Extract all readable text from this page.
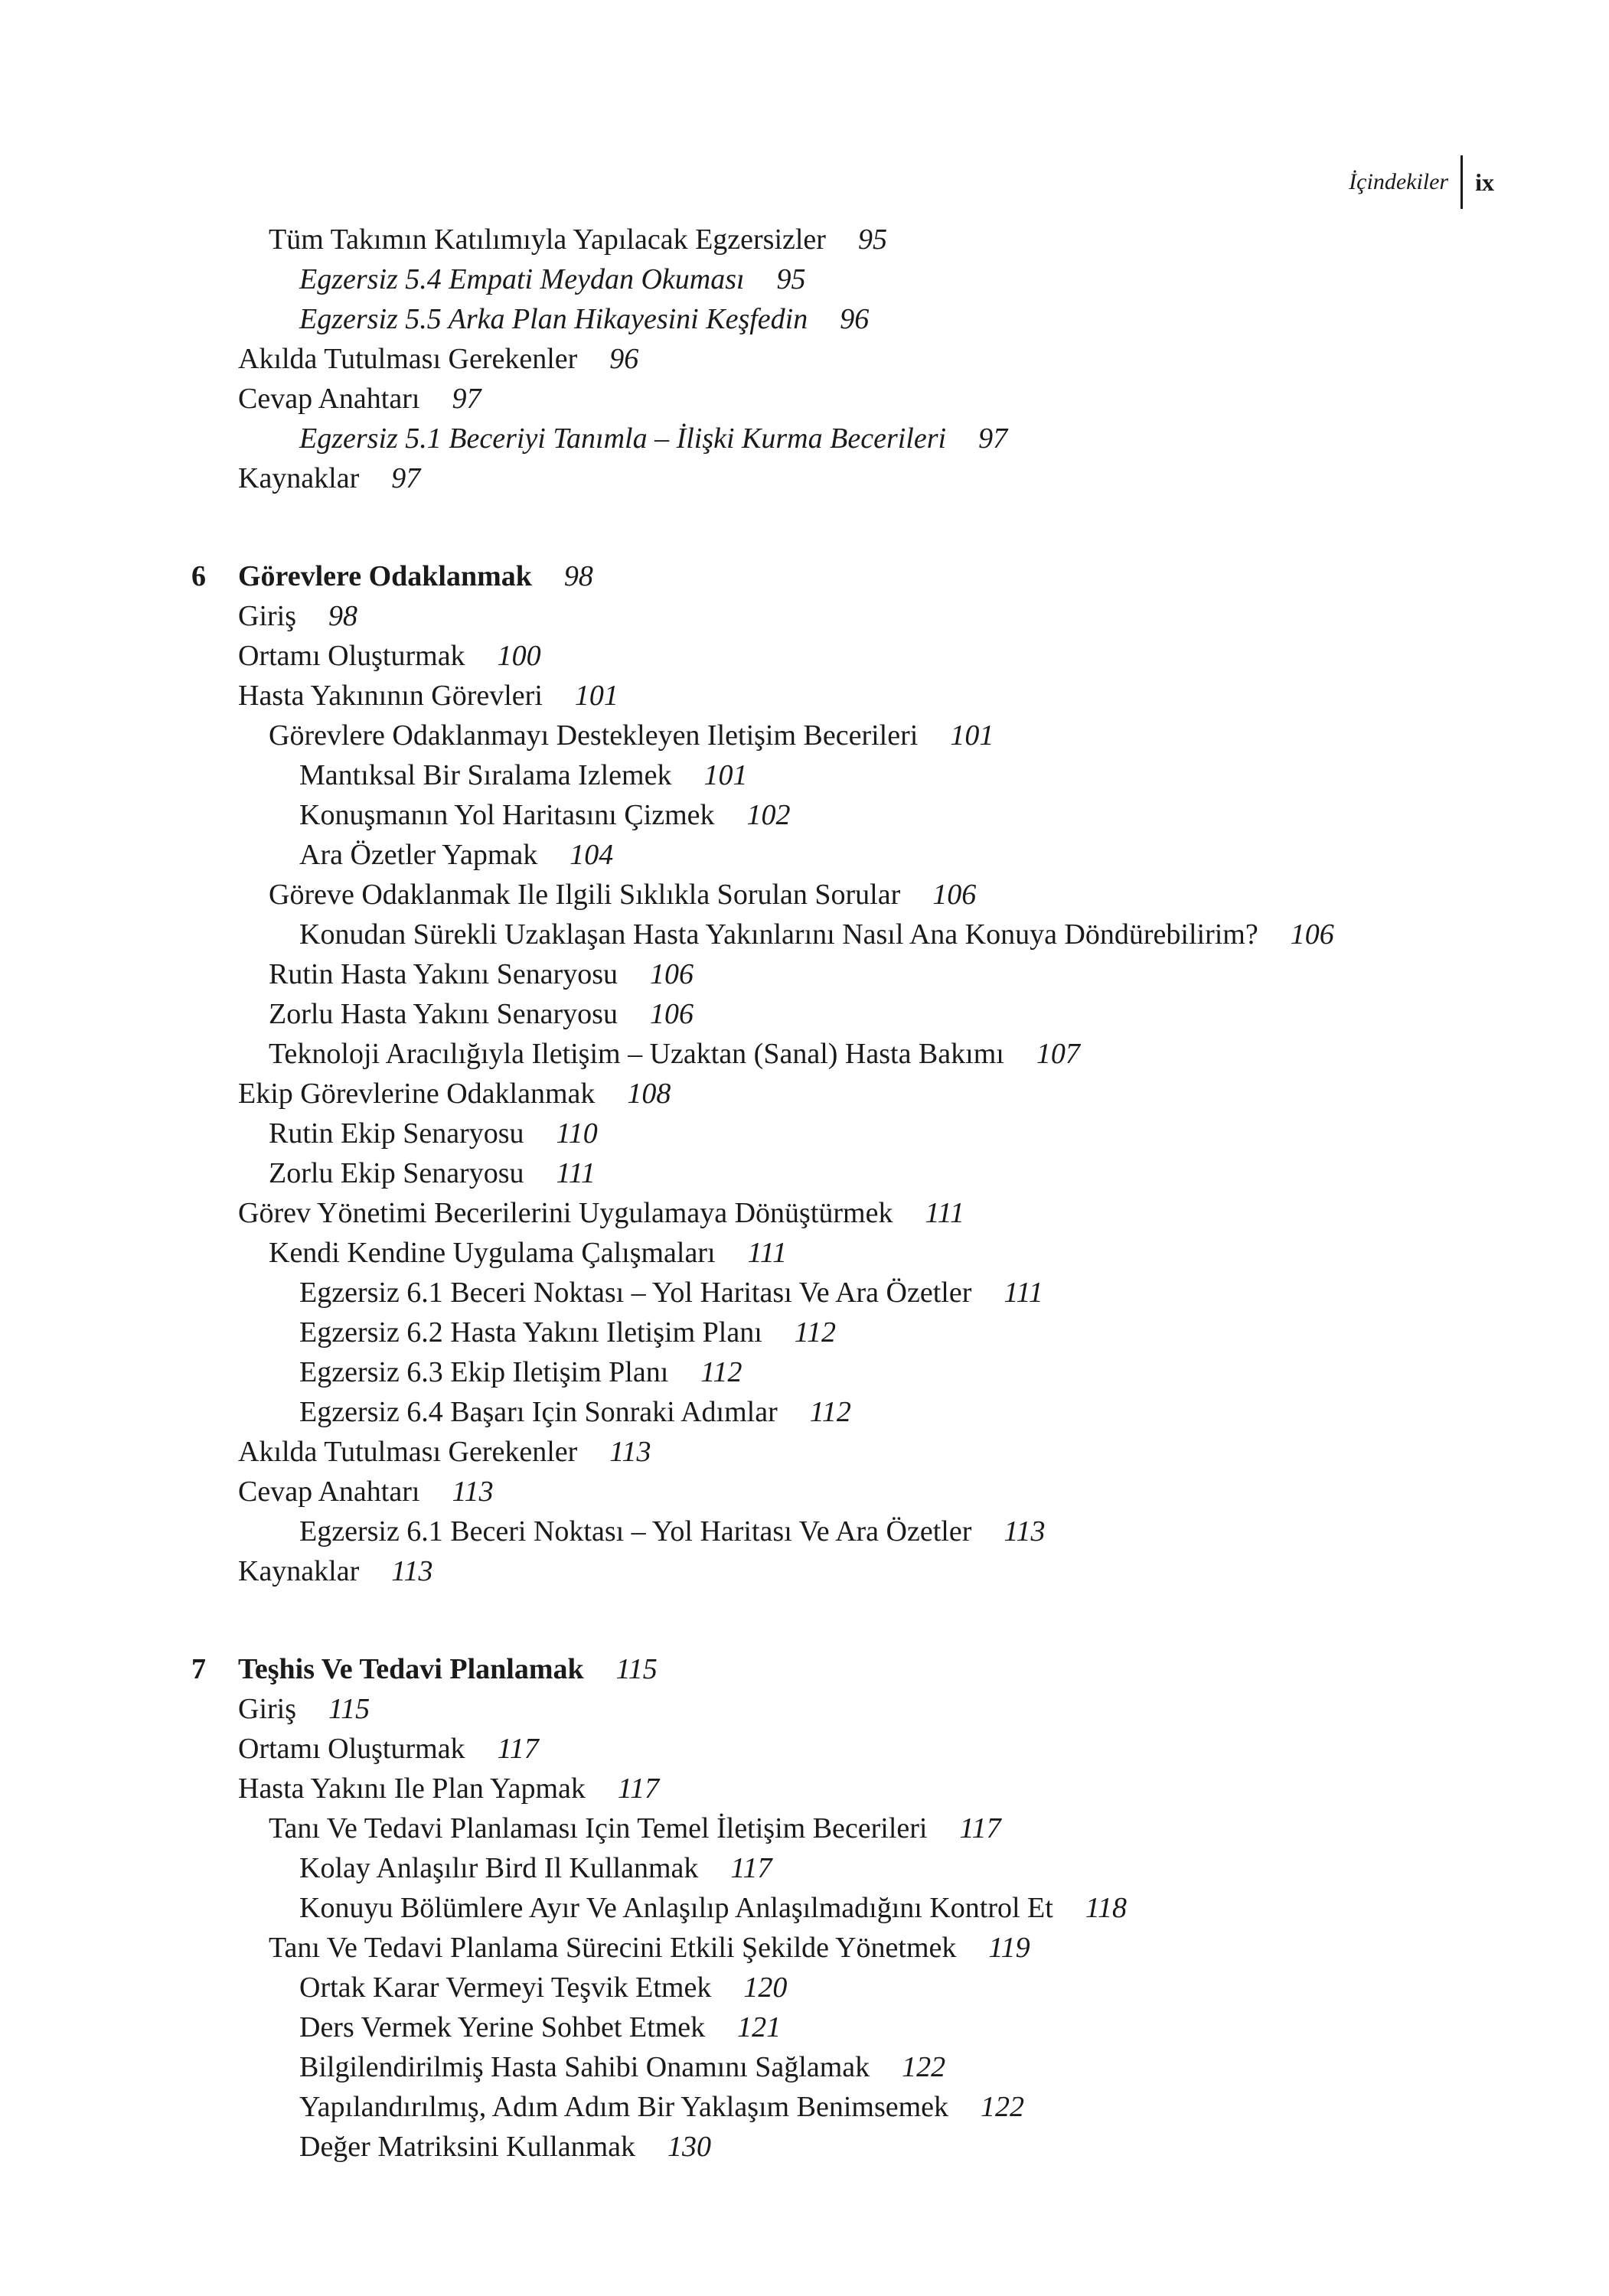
İçindekiler	ix
Tüm Takımın Katılımıyla Yapılacak Egzersizler 95
Egzersiz 5.4 Empati Meydan Okuması 95
Egzersiz 5.5 Arka Plan Hikayesini Keşfedin 96
Akılda Tutulması Gerekenler 96
Cevap Anahtarı 97
Egzersiz 5.1 Beceriyi Tanımla – İlişki Kurma Becerileri 97
Kaynaklar 97
6 Görevlere Odaklanmak 98
Giriş 98
Ortamı Oluşturmak 100
Hasta Yakınının Görevleri 101
Görevlere Odaklanmayı Destekleyen Iletişim Becerileri 101
Mantıksal Bir Sıralama Izlemek 101
Konuşmanın Yol Haritasını Çizmek 102
Ara Özetler Yapmak 104
Göreve Odaklanmak Ile Ilgili Sıklıkla Sorulan Sorular 106
Konudan Sürekli Uzaklaşan Hasta Yakınlarını Nasıl Ana Konuya Döndürebilirim? 106
Rutin Hasta Yakını Senaryosu 106
Zorlu Hasta Yakını Senaryosu 106
Teknoloji Aracılığıyla Iletişim – Uzaktan (Sanal) Hasta Bakımı 107
Ekip Görevlerine Odaklanmak 108
Rutin Ekip Senaryosu 110
Zorlu Ekip Senaryosu 111
Görev Yönetimi Becerilerini Uygulamaya Dönüştürmek 111
Kendi Kendine Uygulama Çalışmaları 111
Egzersiz 6.1 Beceri Noktası – Yol Haritası Ve Ara Özetler 111
Egzersiz 6.2 Hasta Yakını Iletişim Planı 112
Egzersiz 6.3 Ekip Iletişim Planı 112
Egzersiz 6.4 Başarı Için Sonraki Adımlar 112
Akılda Tutulması Gerekenler 113
Cevap Anahtarı 113
Egzersiz 6.1 Beceri Noktası – Yol Haritası Ve Ara Özetler 113
Kaynaklar 113
7 Teşhis Ve Tedavi Planlamak 115
Giriş 115
Ortamı Oluşturmak 117
Hasta Yakını Ile Plan Yapmak 117
Tanı Ve Tedavi Planlaması Için Temel İletişim Becerileri 117
Kolay Anlaşılır Bird Il Kullanmak 117
Konuyu Bölümlere Ayır Ve Anlaşılıp Anlaşılmadığını Kontrol Et 118
Tanı Ve Tedavi Planlama Sürecini Etkili Şekilde Yönetmek 119
Ortak Karar Vermeyi Teşvik Etmek 120
Ders Vermek Yerine Sohbet Etmek 121
Bilgilendirilmiş Hasta Sahibi Onamını Sağlamak 122
Yapılandırılmış, Adım Adım Bir Yaklaşım Benimsemek 122
Değer Matriksini Kullanmak 130
